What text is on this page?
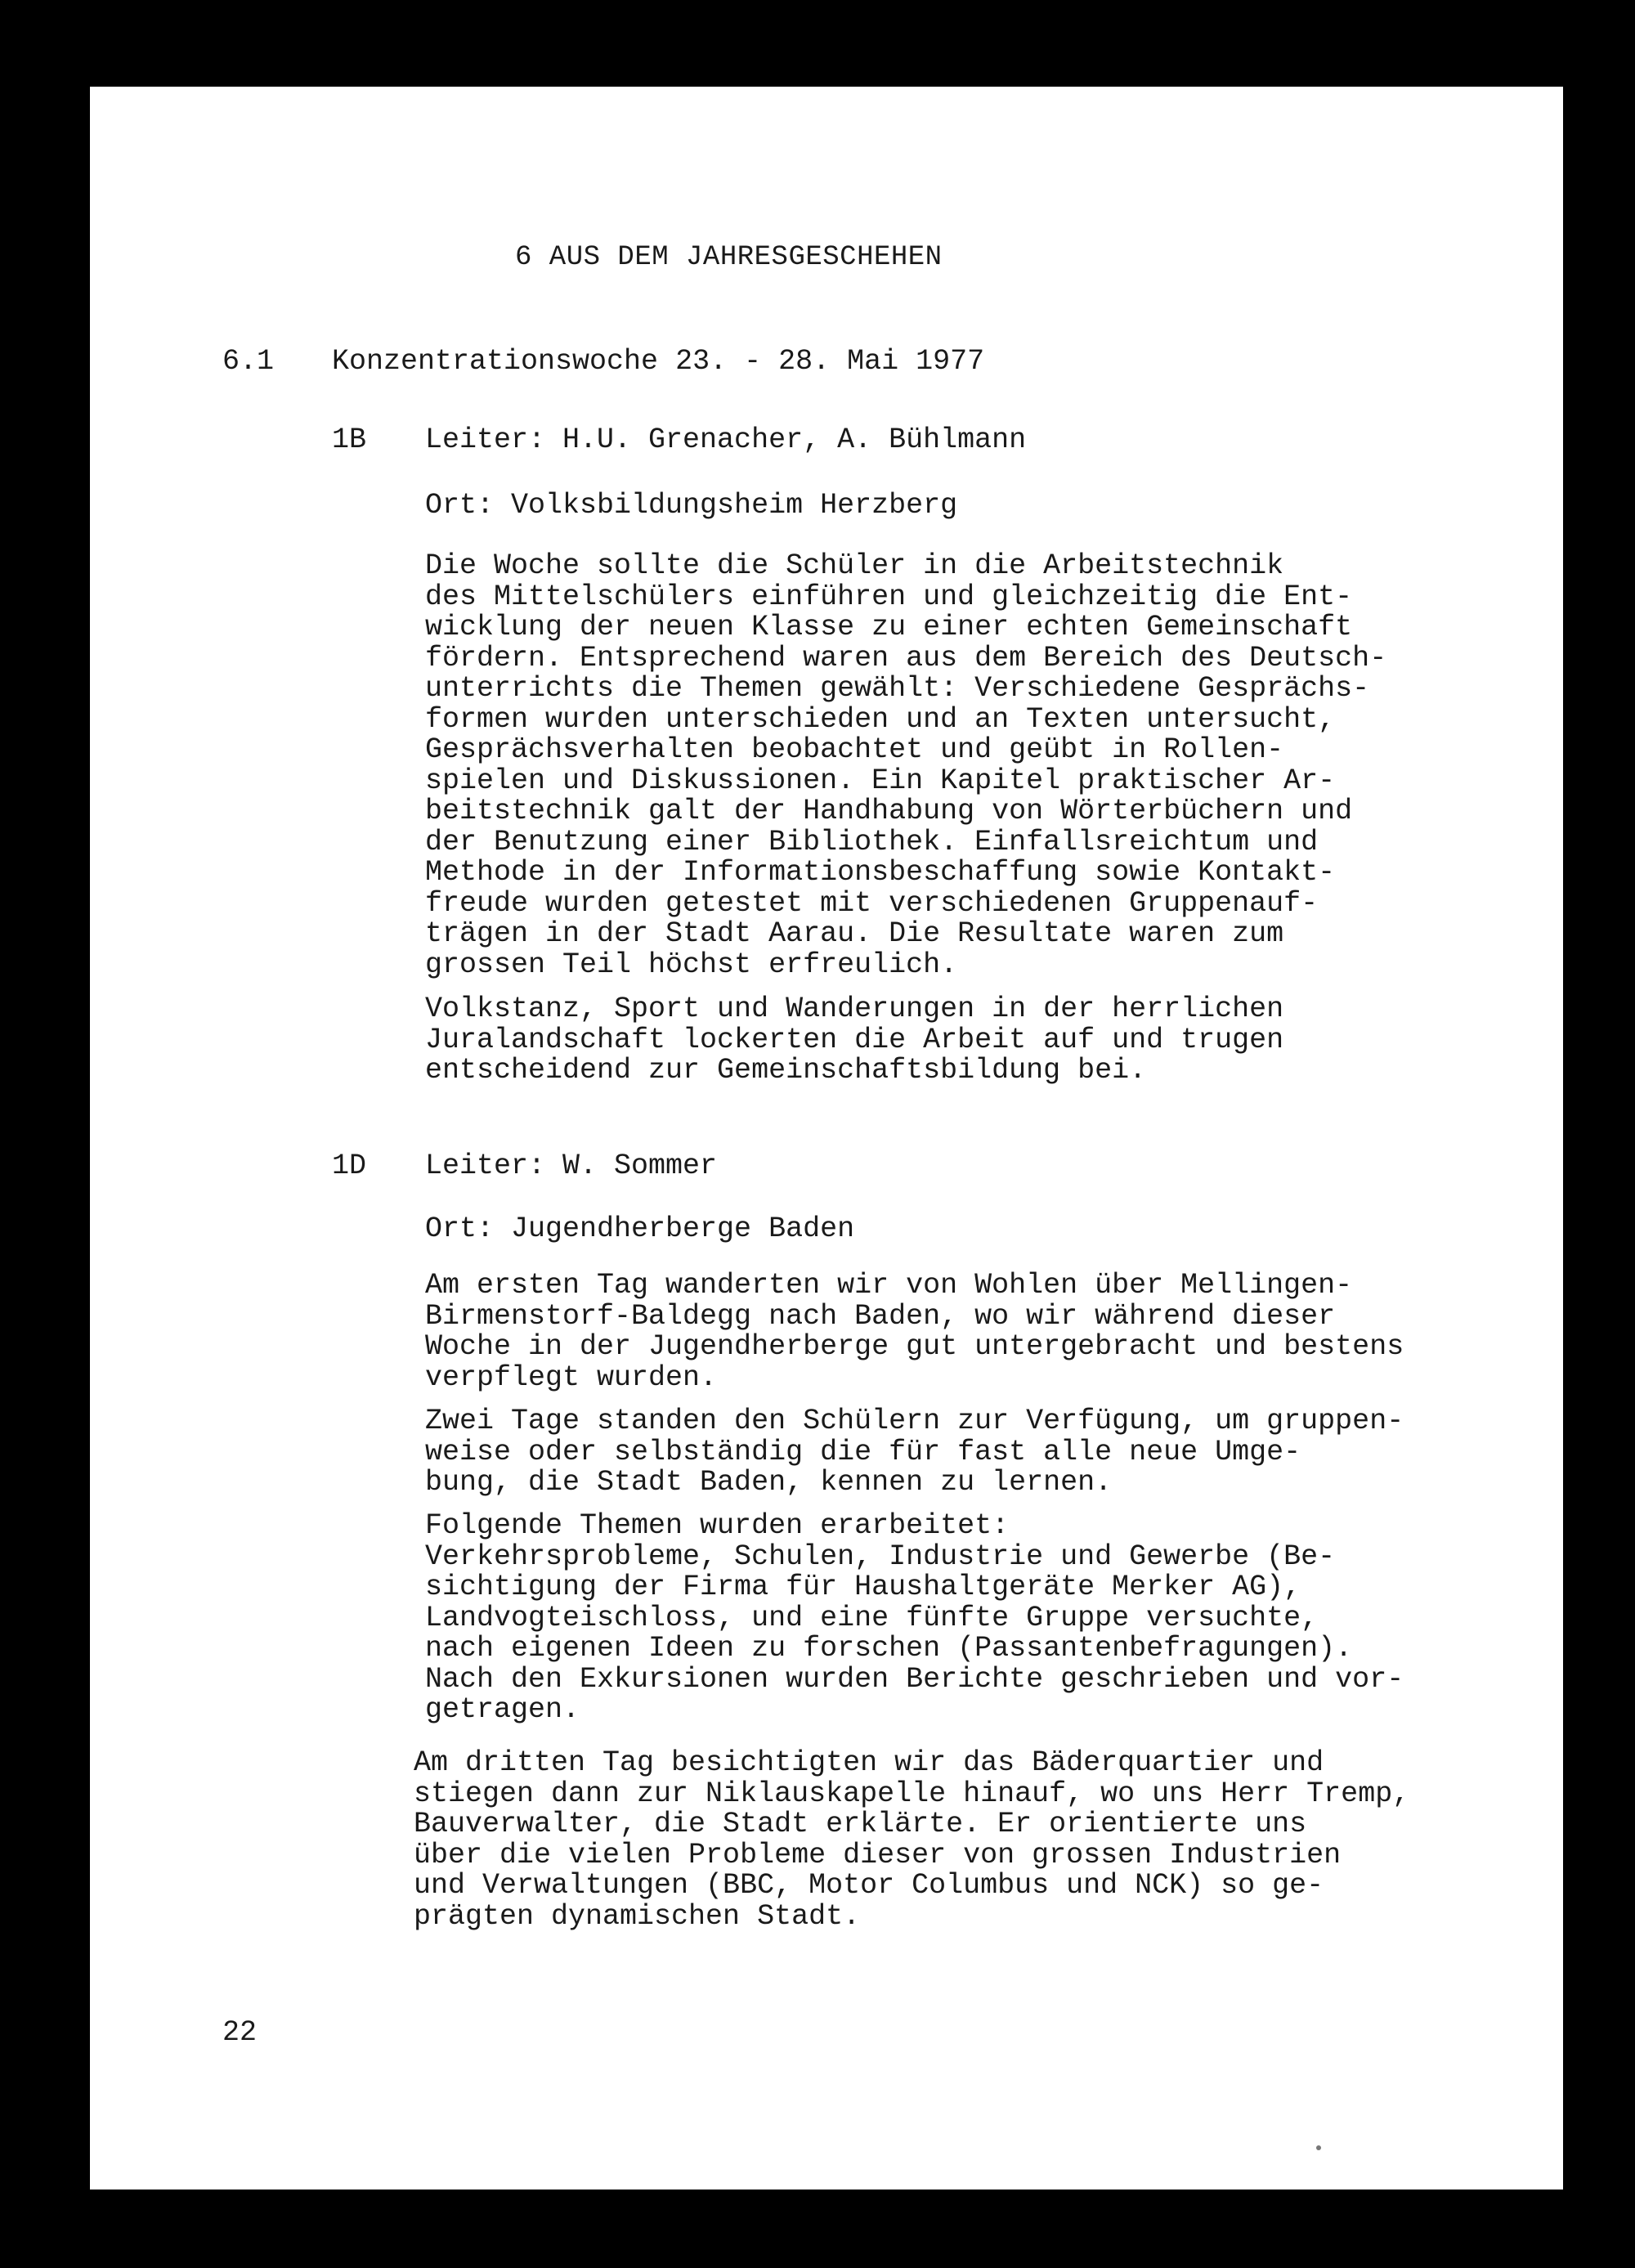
6 AUS DEM JAHRESGESCHEHEN
6.1 Konzentrationswoche 23. - 28. Mai 1977
1B Leiter: H.U. Grenacher, A. Bühlmann
Ort: Volksbildungsheim Herzberg
Die Woche sollte die Schüler in die Arbeitstechnik
des Mittelschülers einführen und gleichzeitig die Ent-
wicklung der neuen Klasse zu einer echten Gemeinschaft
fördern. Entsprechend waren aus dem Bereich des Deutsch-
unterrichts die Themen gewählt: Verschiedene Gesprächs-
formen wurden unterschieden und an Texten untersucht,
Gesprächsverhalten beobachtet und geübt in Rollen-
spielen und Diskussionen. Ein Kapitel praktischer Ar-
beitstechnik galt der Handhabung von Wörterbüchern und
der Benutzung einer Bibliothek. Einfallsreichtum und
Methode in der Informationsbeschaffung sowie Kontakt-
freude wurden getestet mit verschiedenen Gruppenauf-
trägen in der Stadt Aarau. Die Resultate waren zum
grossen Teil höchst erfreulich.
Volkstanz, Sport und Wanderungen in der herrlichen
Juralandschaft lockerten die Arbeit auf und trugen
entscheidend zur Gemeinschaftsbildung bei.
1D Leiter: W. Sommer
Ort: Jugendherberge Baden
Am ersten Tag wanderten wir von Wohlen über Mellingen-
Birmenstorf-Baldegg nach Baden, wo wir während dieser
Woche in der Jugendherberge gut untergebracht und bestens
verpflegt wurden.
Zwei Tage standen den Schülern zur Verfügung, um gruppen-
weise oder selbständig die für fast alle neue Umge-
bung, die Stadt Baden, kennen zu lernen.
Folgende Themen wurden erarbeitet:
Verkehrsprobleme, Schulen, Industrie und Gewerbe (Be-
sichtigung der Firma für Haushaltgeräte Merker AG),
Landvogteischloss, und eine fünfte Gruppe versuchte,
nach eigenen Ideen zu forschen (Passantenbefragungen).
Nach den Exkursionen wurden Berichte geschrieben und vor-
getragen.
Am dritten Tag besichtigten wir das Bäderquartier und
stiegen dann zur Niklauskapelle hinauf, wo uns Herr Tremp,
Bauverwalter, die Stadt erklärte. Er orientierte uns
über die vielen Probleme dieser von grossen Industrien
und Verwaltungen (BBC, Motor Columbus und NCK) so ge-
prägten dynamischen Stadt.
22
